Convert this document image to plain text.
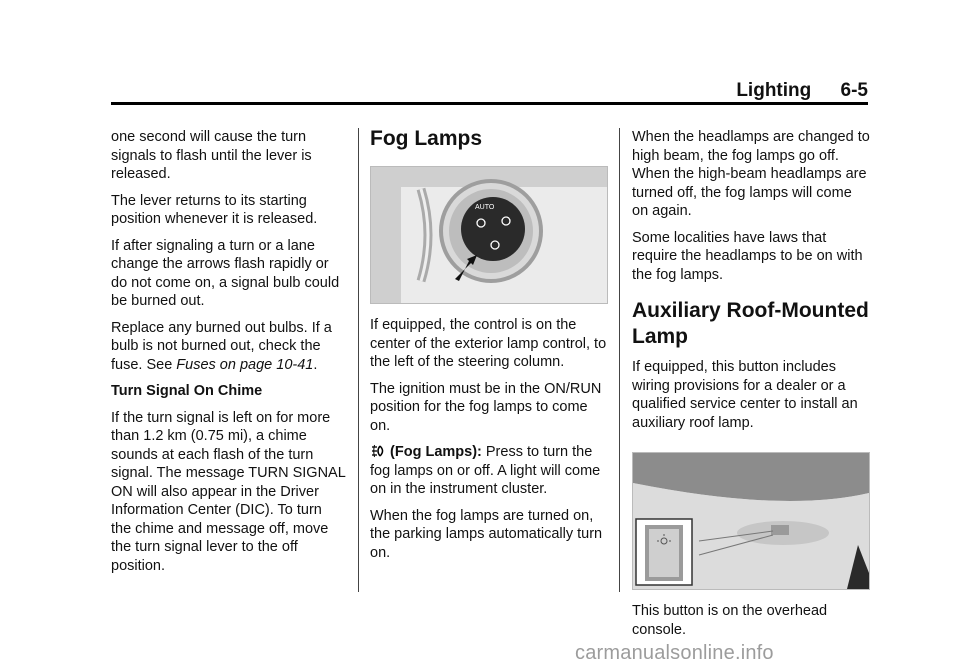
Lighting 6-5

one second will cause the turn signals to flash until the lever is released.

The lever returns to its starting position whenever it is released.

If after signaling a turn or a lane change the arrows flash rapidly or do not come on, a signal bulb could be burned out.

Replace any burned out bulbs. If a bulb is not burned out, check the fuse. See Fuses on page 10-41.

Turn Signal On Chime

If the turn signal is left on for more than 1.2 km (0.75 mi), a chime sounds at each flash of the turn signal. The message TURN SIGNAL ON will also appear in the Driver Information Center (DIC). To turn the chime and message off, move the turn signal lever to the off position.

Fog Lamps
AUTO

If equipped, the control is on the center of the exterior lamp control, to the left of the steering column.

The ignition must be in the ON/RUN position for the fog lamps to come on.

(Fog Lamps): Press to turn the fog lamps on or off. A light will come on in the instrument cluster.

When the fog lamps are turned on, the parking lamps automatically turn on.

When the headlamps are changed to high beam, the fog lamps go off. When the high-beam headlamps are turned off, the fog lamps will come on again.

Some localities have laws that require the headlamps to be on with the fog lamps.

Auxiliary Roof-Mounted Lamp

If equipped, this button includes wiring provisions for a dealer or a qualified service center to install an auxiliary roof lamp.

This button is on the overhead console.

carmanualsonline.info
